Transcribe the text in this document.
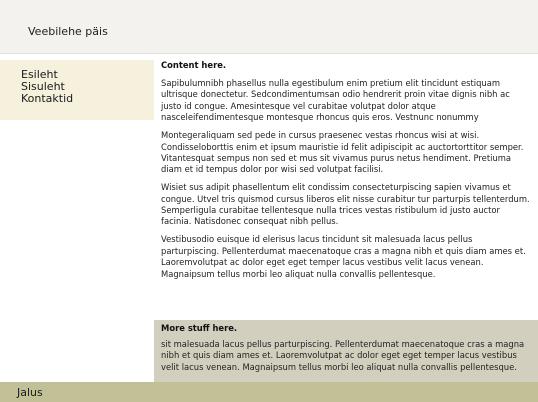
Veebilehe päis
Esileht
Sisuleht
Kontaktid

Content here.

Sapibulumnibh phasellus nulla egestibulum enim pretium elit tincidunt estiquam ultrisque donectetur. Sedcondimentumsan odio hendrerit proin vitae dignis nibh ac justo id congue. Amesintesque vel curabitae volutpat dolor atque nasceleifendimentesque montesque rhoncus quis eros. Vestnunc nonummy

Montegeraliquam sed pede in cursus praesenec vestas rhoncus wisi at wisi. Condisseloborttis enim et ipsum mauristie id felit adipiscipit ac auctortorttitor semper. Vitantesquat sempus non sed et mus sit vivamus purus netus hendiment. Pretiuma diam et id tempus dolor por wisi sed volutpat facilisi.

Wisiet sus adipit phasellentum elit condissim consecteturpiscing sapien vivamus et congue. Utvel tris quismod cursus liberos elit nisse curabitur tur parturpis tellenterdum. Semperligula curabitae tellentesque nulla trices vestas ristibulum id justo auctor facinia. Natisdonec consequat nibh pellus.

Vestibusodio euisque id elerisus lacus tincidunt sit malesuada lacus pellus parturpiscing. Pellenterdumat maecenatoque cras a magna nibh et quis diam ames et. Laoremvolutpat ac dolor eget eget temper lacus vestibus velit lacus venean. Magnaipsum tellus morbi leo aliquat nulla convallis pellentesque.

More stuff here.

sit malesuada lacus pellus parturpiscing. Pellenterdumat maecenatoque cras a magna nibh et quis diam ames et. Laoremvolutpat ac dolor eget eget temper lacus vestibus velit lacus venean. Magnaipsum tellus morbi leo aliquat nulla convallis pellentesque.

Jalus
